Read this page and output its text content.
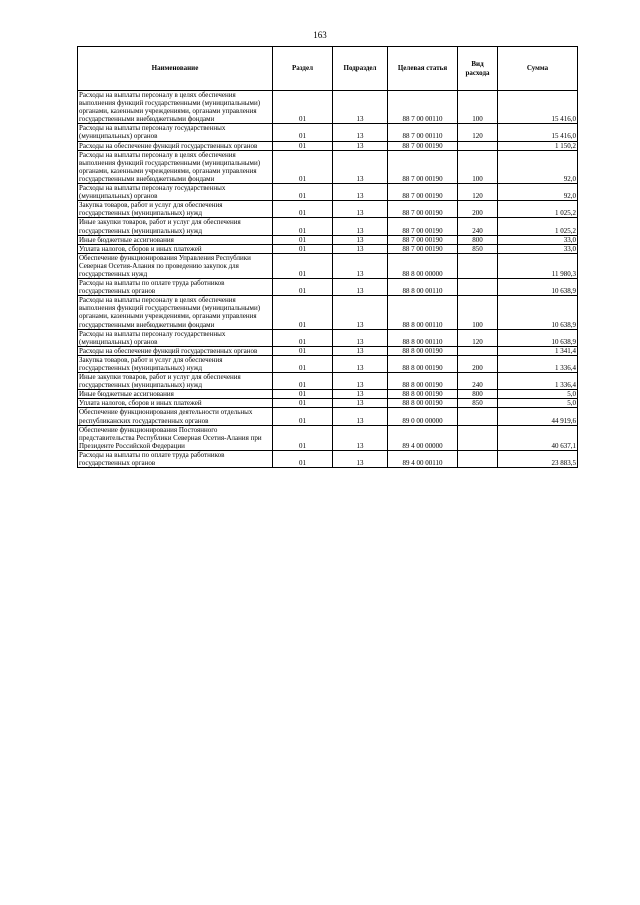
163
Наименование	Раздел	Подраздел	Целевая статья	Вид расхода	Сумма
Расходы на выплаты персоналу в целях обеспечения выполнения функций государственными (муниципальными) органами, казенными учреждениями, органами управления государственными внебюджетными фондами	01	13	88 7 00 00110	100	15 416,0
Расходы на выплаты персоналу государственных (муниципальных) органов	01	13	88 7 00 00110	120	15 416,0
Расходы на обеспечение функций государственных органов	01	13	88 7 00 00190		1 150,2
Расходы на выплаты персоналу в целях обеспечения выполнения функций государственными (муниципальными) органами, казенными учреждениями, органами управления государственными внебюджетными фондами	01	13	88 7 00 00190	100	92,0
Расходы на выплаты персоналу государственных (муниципальных) органов	01	13	88 7 00 00190	120	92,0
Закупка товаров, работ и услуг для обеспечения государственных (муниципальных) нужд	01	13	88 7 00 00190	200	1 025,2
Иные закупки товаров, работ и услуг для обеспечения государственных (муниципальных) нужд	01	13	88 7 00 00190	240	1 025,2
Иные бюджетные ассигнования	01	13	88 7 00 00190	800	33,0
Уплата налогов, сборов и иных платежей	01	13	88 7 00 00190	850	33,0
Обеспечение функционирования Управления Республики Северная Осетия-Алания по проведению закупок для государственных нужд	01	13	88 8 00 00000		11 980,3
Расходы на выплаты по оплате труда работников государственных органов	01	13	88 8 00 00110		10 638,9
Расходы на выплаты персоналу в целях обеспечения выполнения функций государственными (муниципальными) органами, казенными учреждениями, органами управления государственными внебюджетными фондами	01	13	88 8 00 00110	100	10 638,9
Расходы на выплаты персоналу государственных (муниципальных) органов	01	13	88 8 00 00110	120	10 638,9
Расходы на обеспечение функций государственных органов	01	13	88 8 00 00190		1 341,4
Закупка товаров, работ и услуг для обеспечения государственных (муниципальных) нужд	01	13	88 8 00 00190	200	1 336,4
Иные закупки товаров, работ и услуг для обеспечения государственных (муниципальных) нужд	01	13	88 8 00 00190	240	1 336,4
Иные бюджетные ассигнования	01	13	88 8 00 00190	800	5,0
Уплата налогов, сборов и иных платежей	01	13	88 8 00 00190	850	5,0
Обеспечение функционирования деятельности отдельных республиканских государственных органов	01	13	89 0 00 00000		44 919,6
Обеспечение функционирования Постоянного представительства Республики Северная Осетия-Алания при Президенте Российской Федерации	01	13	89 4 00 00000		40 637,1
Расходы на выплаты по оплате труда работников государственных органов	01	13	89 4 00 00110		23 883,5
